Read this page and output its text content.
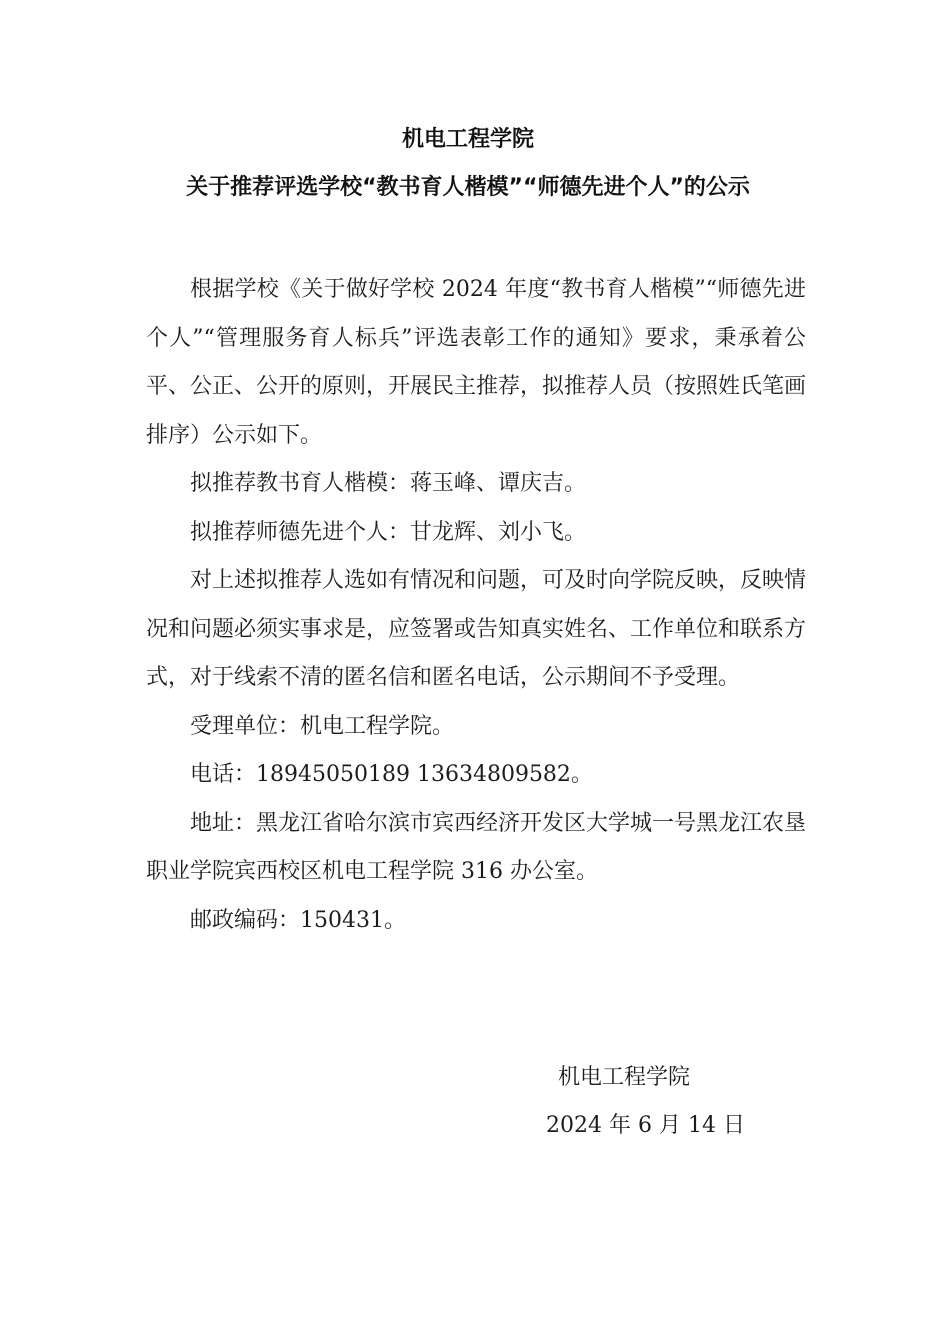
机电工程学院
关于推荐评选学校“教书育人楷模”“师德先进个人”的公示

根据学校《关于做好学校 2024 年度“教书育人楷模”“师德先进个人”“管理服务育人标兵”评选表彰工作的通知》要求，秉承着公平、公正、公开的原则，开展民主推荐，拟推荐人员（按照姓氏笔画排序）公示如下。

拟推荐教书育人楷模：蒋玉峰、谭庆吉。

拟推荐师德先进个人：甘龙辉、刘小飞。

对上述拟推荐人选如有情况和问题，可及时向学院反映，反映情况和问题必须实事求是，应签署或告知真实姓名、工作单位和联系方式，对于线索不清的匿名信和匿名电话，公示期间不予受理。

受理单位：机电工程学院。

电话：18945050189 13634809582。

地址：黑龙江省哈尔滨市宾西经济开发区大学城一号黑龙江农垦职业学院宾西校区机电工程学院 316 办公室。

邮政编码：150431。

机电工程学院
2024 年 6 月 14 日
